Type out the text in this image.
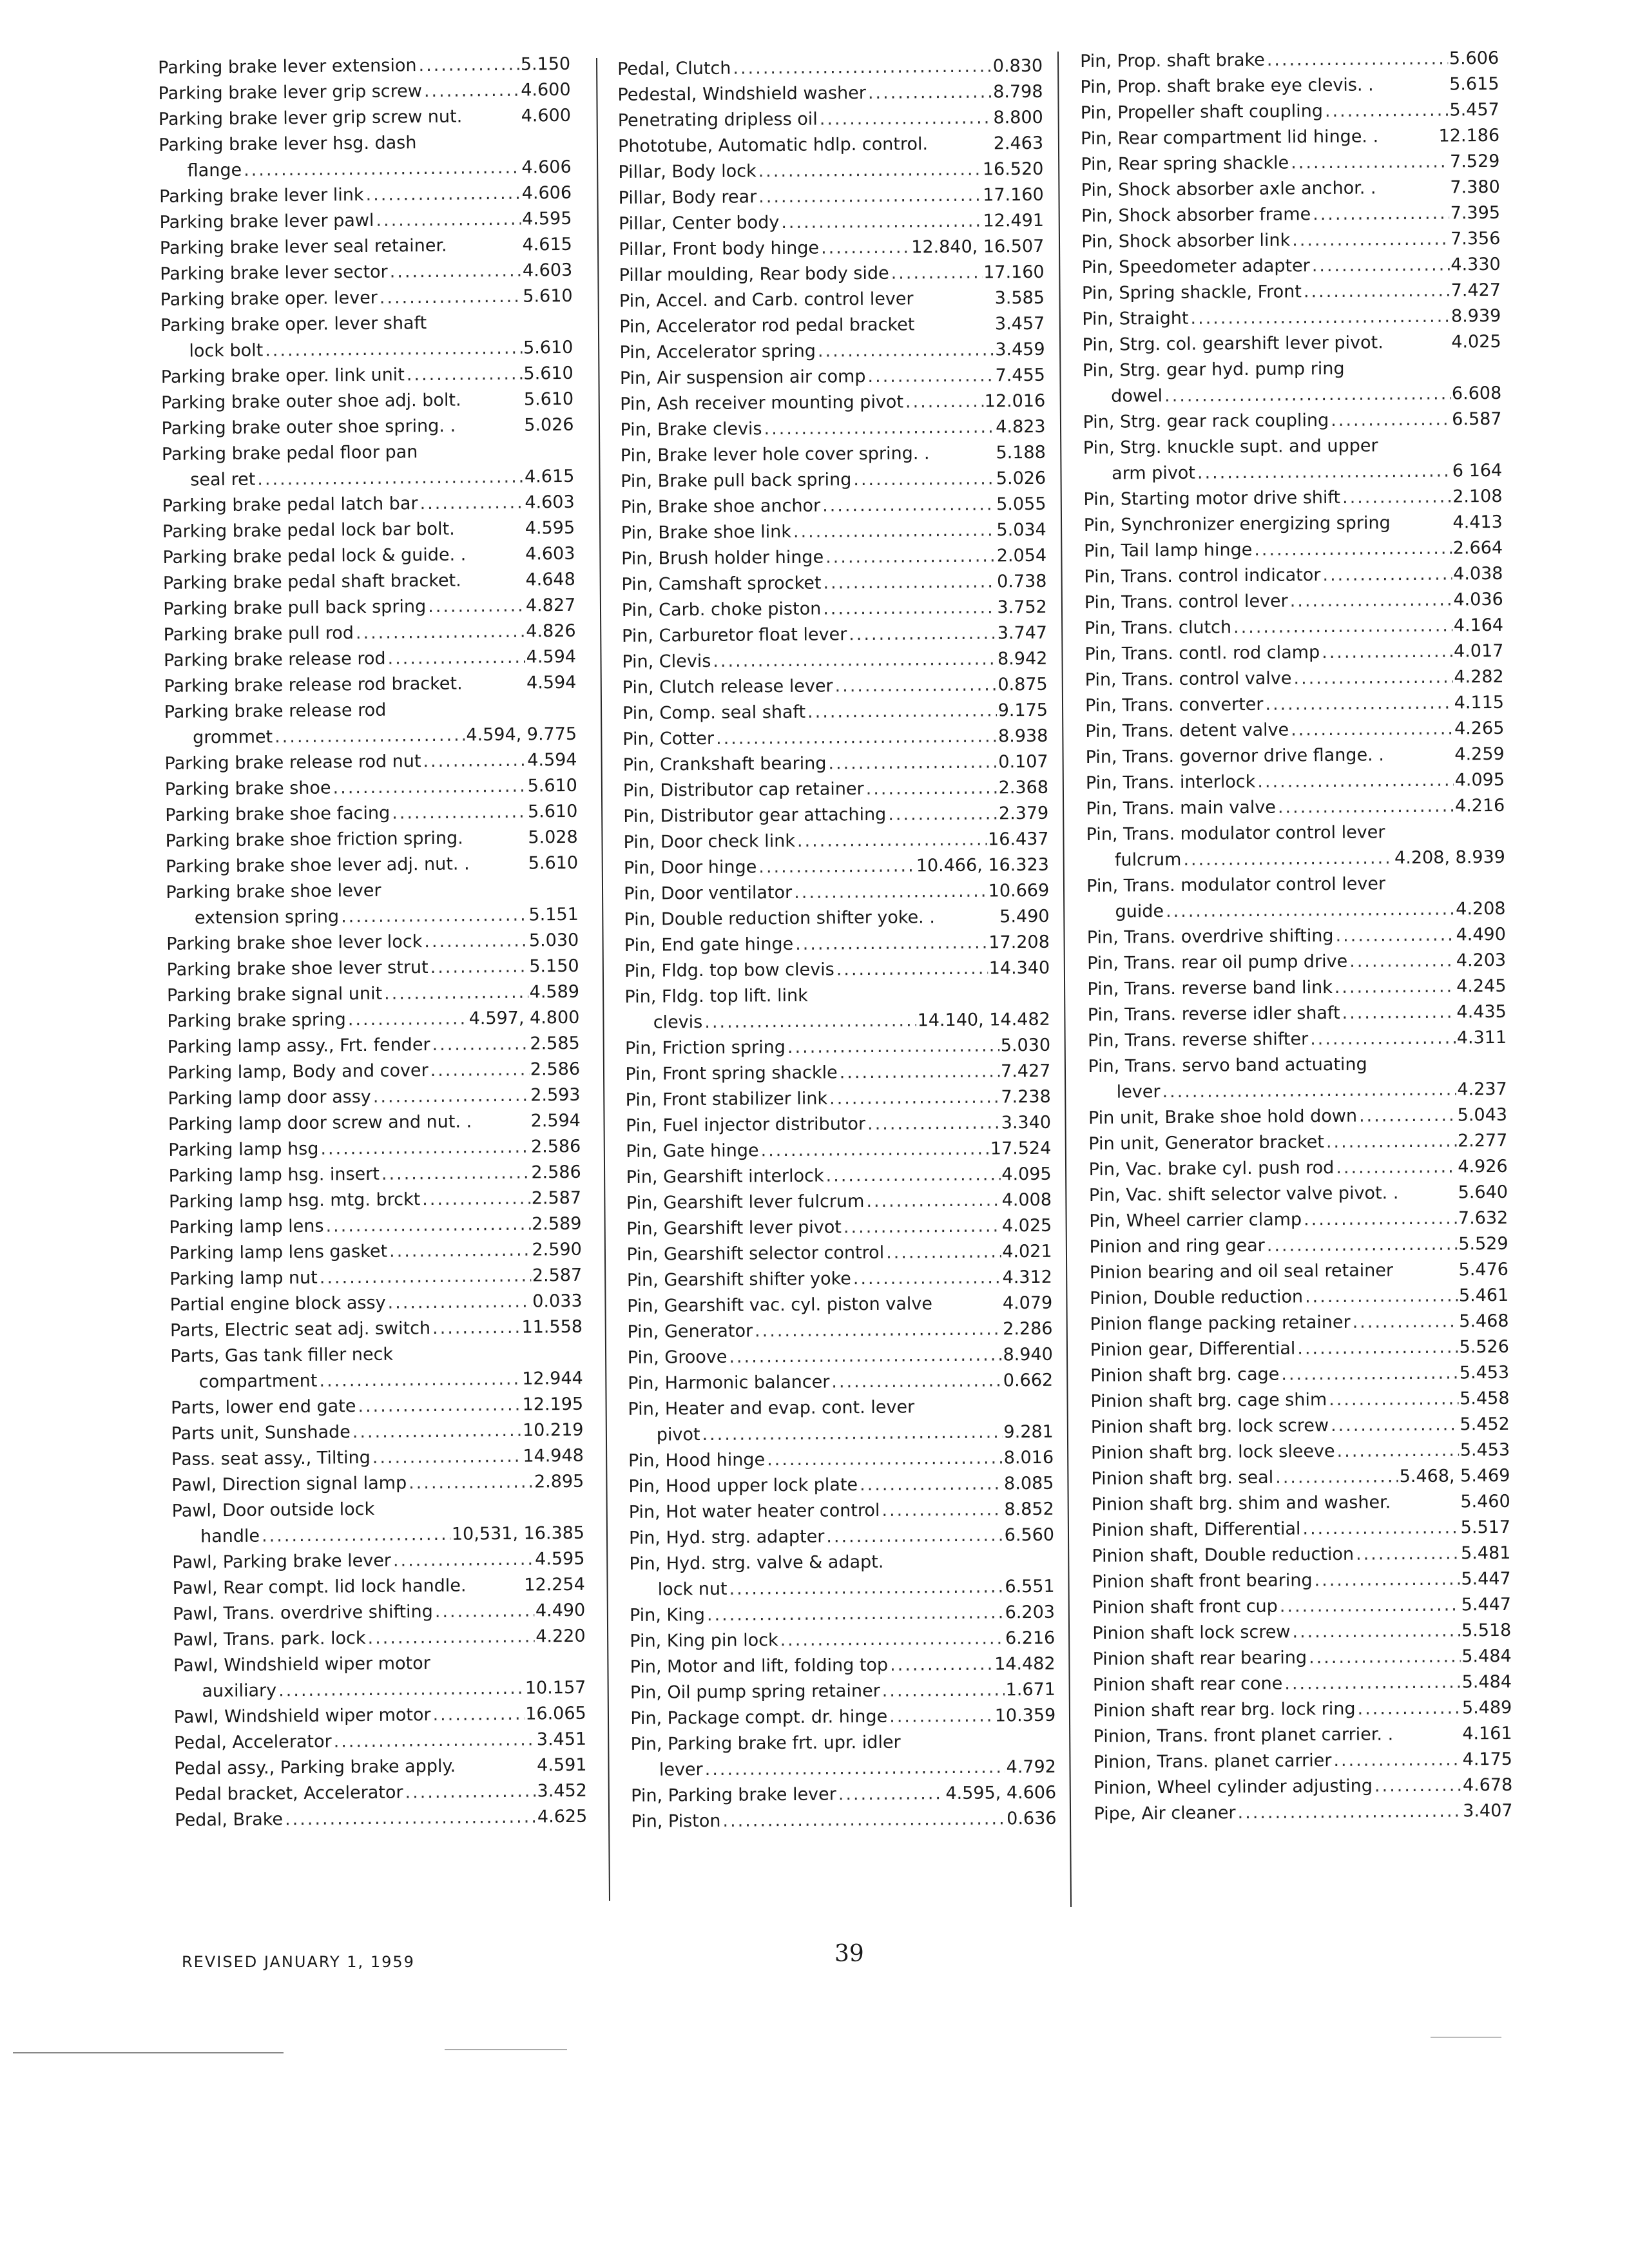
Parking brake lever extension .....	5.150
Parking brake lever grip screw .....	4.600
Parking brake lever grip screw nut.	4.600
Parking brake lever hsg. dash
flange .....	4.606
Parking brake lever link .....	4.606
Parking brake lever pawl .....	4.595
Parking brake lever seal retainer.	4.615
Parking brake lever sector .....	4.603
Parking brake oper. lever .....	5.610
Parking brake oper. lever shaft
lock bolt .....	5.610
Parking brake oper. link unit .....	5.610
Parking brake outer shoe adj. bolt.	5.610
Parking brake outer shoe spring. .	5.026
Parking brake pedal floor pan
seal ret .....	4.615
Parking brake pedal latch bar .....	4.603
Parking brake pedal lock bar bolt.	4.595
Parking brake pedal lock & guide. .	4.603
Parking brake pedal shaft bracket.	4.648
Parking brake pull back spring .....	4.827
Parking brake pull rod .....	4.826
Parking brake release rod .....	4.594
Parking brake release rod bracket.	4.594
Parking brake release rod
grommet .....	4.594, 9.775
Parking brake release rod nut .....	4.594
Parking brake shoe .....	5.610
Parking brake shoe facing .....	5.610
Parking brake shoe friction spring.	5.028
Parking brake shoe lever adj. nut. .	5.610
Parking brake shoe lever
extension spring .....	5.151
Parking brake shoe lever lock .....	5.030
Parking brake shoe lever strut .....	5.150
Parking brake signal unit .....	4.589
Parking brake spring .....	4.597, 4.800
Parking lamp assy., Frt. fender .....	2.585
Parking lamp, Body and cover .....	2.586
Parking lamp door assy .....	2.593
Parking lamp door screw and nut. .	2.594
Parking lamp hsg .....	2.586
Parking lamp hsg. insert .....	2.586
Parking lamp hsg. mtg. brckt .....	2.587
Parking lamp lens .....	2.589
Parking lamp lens gasket .....	2.590
Parking lamp nut .....	2.587
Partial engine block assy .....	0.033
Parts, Electric seat adj. switch .....	11.558
Parts, Gas tank filler neck
compartment .....	12.944
Parts, lower end gate .....	12.195
Parts unit, Sunshade .....	10.219
Pass. seat assy., Tilting .....	14.948
Pawl, Direction signal lamp .....	2.895
Pawl, Door outside lock
handle .....	10,531, 16.385
Pawl, Parking brake lever .....	4.595
Pawl, Rear compt. lid lock handle.	12.254
Pawl, Trans. overdrive shifting .....	4.490
Pawl, Trans. park. lock .....	4.220
Pawl, Windshield wiper motor
auxiliary .....	10.157
Pawl, Windshield wiper motor .....	16.065
Pedal, Accelerator .....	3.451
Pedal assy., Parking brake apply.	4.591
Pedal bracket, Accelerator .....	3.452
Pedal, Brake .....	4.625
Pedal, Clutch .....	0.830
Pedestal, Windshield washer .....	8.798
Penetrating dripless oil .....	8.800
Phototube, Automatic hdlp. control.	2.463
Pillar, Body lock .....	16.520
Pillar, Body rear .....	17.160
Pillar, Center body .....	12.491
Pillar, Front body hinge .....	12.840, 16.507
Pillar moulding, Rear body side .....	17.160
Pin, Accel. and Carb. control lever	3.585
Pin, Accelerator rod pedal bracket	3.457
Pin, Accelerator spring .....	3.459
Pin, Air suspension air comp .....	7.455
Pin, Ash receiver mounting pivot .....	12.016
Pin, Brake clevis .....	4.823
Pin, Brake lever hole cover spring. .	5.188
Pin, Brake pull back spring .....	5.026
Pin, Brake shoe anchor .....	5.055
Pin, Brake shoe link .....	5.034
Pin, Brush holder hinge .....	2.054
Pin, Camshaft sprocket .....	0.738
Pin, Carb. choke piston .....	3.752
Pin, Carburetor float lever .....	3.747
Pin, Clevis .....	8.942
Pin, Clutch release lever .....	0.875
Pin, Comp. seal shaft .....	9.175
Pin, Cotter .....	8.938
Pin, Crankshaft bearing .....	0.107
Pin, Distributor cap retainer .....	2.368
Pin, Distributor gear attaching .....	2.379
Pin, Door check link .....	16.437
Pin, Door hinge .....	10.466, 16.323
Pin, Door ventilator .....	10.669
Pin, Double reduction shifter yoke. .	5.490
Pin, End gate hinge .....	17.208
Pin, Fldg. top bow clevis .....	14.340
Pin, Fldg. top lift. link
clevis .....	14.140, 14.482
Pin, Friction spring .....	5.030
Pin, Front spring shackle .....	7.427
Pin, Front stabilizer link .....	7.238
Pin, Fuel injector distributor .....	3.340
Pin, Gate hinge .....	17.524
Pin, Gearshift interlock .....	4.095
Pin, Gearshift lever fulcrum .....	4.008
Pin, Gearshift lever pivot .....	4.025
Pin, Gearshift selector control .....	4.021
Pin, Gearshift shifter yoke .....	4.312
Pin, Gearshift vac. cyl. piston valve	4.079
Pin, Generator .....	2.286
Pin, Groove .....	8.940
Pin, Harmonic balancer .....	0.662
Pin, Heater and evap. cont. lever
pivot .....	9.281
Pin, Hood hinge .....	8.016
Pin, Hood upper lock plate .....	8.085
Pin, Hot water heater control .....	8.852
Pin, Hyd. strg. adapter .....	6.560
Pin, Hyd. strg. valve & adapt.
lock nut .....	6.551
Pin, King .....	6.203
Pin, King pin lock .....	6.216
Pin, Motor and lift, folding top .....	14.482
Pin, Oil pump spring retainer .....	1.671
Pin, Package compt. dr. hinge .....	10.359
Pin, Parking brake frt. upr. idler
lever .....	4.792
Pin, Parking brake lever .....	4.595, 4.606
Pin, Piston .....	0.636
Pin, Prop. shaft brake .....	5.606
Pin, Prop. shaft brake eye clevis. .	5.615
Pin, Propeller shaft coupling .....	5.457
Pin, Rear compartment lid hinge. .	12.186
Pin, Rear spring shackle .....	7.529
Pin, Shock absorber axle anchor. .	7.380
Pin, Shock absorber frame .....	7.395
Pin, Shock absorber link .....	7.356
Pin, Speedometer adapter .....	4.330
Pin, Spring shackle, Front .....	7.427
Pin, Straight .....	8.939
Pin, Strg. col. gearshift lever pivot.	4.025
Pin, Strg. gear hyd. pump ring
dowel .....	6.608
Pin, Strg. gear rack coupling .....	6.587
Pin, Strg. knuckle supt. and upper
arm pivot .....	6 164
Pin, Starting motor drive shift .....	2.108
Pin, Synchronizer energizing spring	4.413
Pin, Tail lamp hinge .....	2.664
Pin, Trans. control indicator .....	4.038
Pin, Trans. control lever .....	4.036
Pin, Trans. clutch .....	4.164
Pin, Trans. contl. rod clamp .....	4.017
Pin, Trans. control valve .....	4.282
Pin, Trans. converter .....	4.115
Pin, Trans. detent valve .....	4.265
Pin, Trans. governor drive flange. .	4.259
Pin, Trans. interlock .....	4.095
Pin, Trans. main valve .....	4.216
Pin, Trans. modulator control lever
fulcrum .....	4.208, 8.939
Pin, Trans. modulator control lever
guide .....	4.208
Pin, Trans. overdrive shifting .....	4.490
Pin, Trans. rear oil pump drive .....	4.203
Pin, Trans. reverse band link .....	4.245
Pin, Trans. reverse idler shaft .....	4.435
Pin, Trans. reverse shifter .....	4.311
Pin, Trans. servo band actuating
lever .....	4.237
Pin unit, Brake shoe hold down .....	5.043
Pin unit, Generator bracket .....	2.277
Pin, Vac. brake cyl. push rod .....	4.926
Pin, Vac. shift selector valve pivot. .	5.640
Pin, Wheel carrier clamp .....	7.632
Pinion and ring gear .....	5.529
Pinion bearing and oil seal retainer	5.476
Pinion, Double reduction .....	5.461
Pinion flange packing retainer .....	5.468
Pinion gear, Differential .....	5.526
Pinion shaft brg. cage .....	5.453
Pinion shaft brg. cage shim .....	5.458
Pinion shaft brg. lock screw .....	5.452
Pinion shaft brg. lock sleeve .....	5.453
Pinion shaft brg. seal .....	5.468, 5.469
Pinion shaft brg. shim and washer.	5.460
Pinion shaft, Differential .....	5.517
Pinion shaft, Double reduction .....	5.481
Pinion shaft front bearing .....	5.447
Pinion shaft front cup .....	5.447
Pinion shaft lock screw .....	5.518
Pinion shaft rear bearing .....	5.484
Pinion shaft rear cone .....	5.484
Pinion shaft rear brg. lock ring .....	5.489
Pinion, Trans. front planet carrier. .	4.161
Pinion, Trans. planet carrier .....	4.175
Pinion, Wheel cylinder adjusting .....	4.678
Pipe, Air cleaner .....	3.407
REVISED JANUARY 1, 1959	39
